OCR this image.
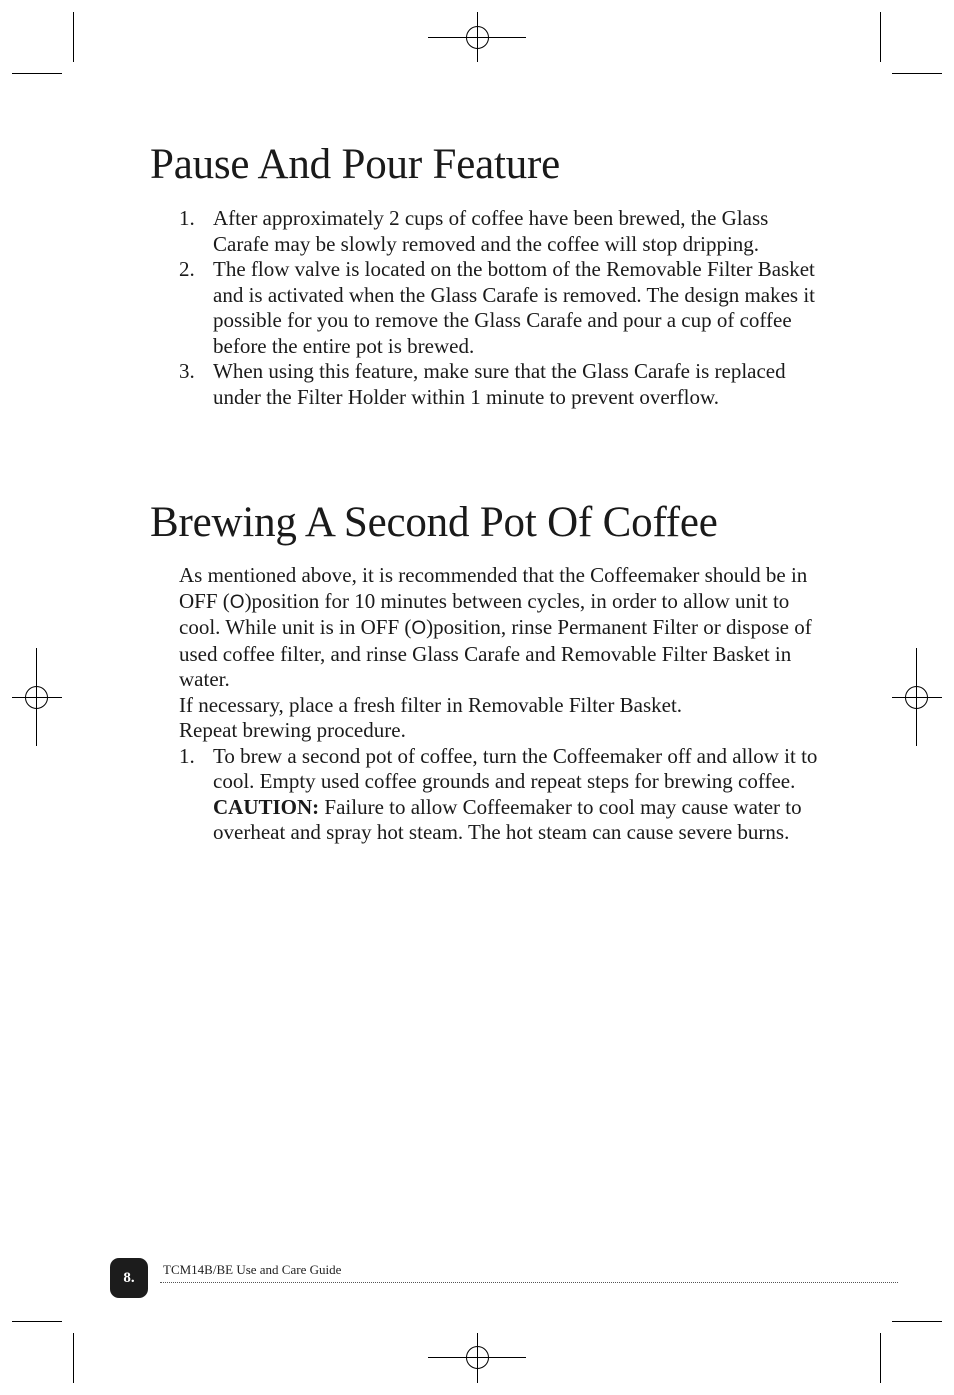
Pause And Pour Feature
1. After approximately 2 cups of coffee have been brewed, the Glass Carafe may be slowly removed and the coffee will stop dripping.
2. The flow valve is located on the bottom of the Removable Filter Basket and is activated when the Glass Carafe is removed. The design makes it possible for you to remove the Glass Carafe and pour a cup of coffee before the entire pot is brewed.
3. When using this feature, make sure that the Glass Carafe is replaced under the Filter Holder within 1 minute to prevent overflow.
Brewing A Second Pot Of Coffee

As mentioned above, it is recommended that the Coffeemaker should be in OFF (O)position for 10 minutes between cycles, in order to allow unit to cool. While unit is in OFF (O)position, rinse Permanent Filter or dispose of used coffee filter, and rinse Glass Carafe and Removable Filter Basket in water.

If necessary, place a fresh filter in Removable Filter Basket.

Repeat brewing procedure.

1. To brew a second pot of coffee, turn the Coffeemaker off and allow it to cool. Empty used coffee grounds and repeat steps for brewing coffee.
CAUTION: Failure to allow Coffeemaker to cool may cause water to overheat and spray hot steam. The hot steam can cause severe burns.
8.	TCM14B/BE Use and Care Guide
